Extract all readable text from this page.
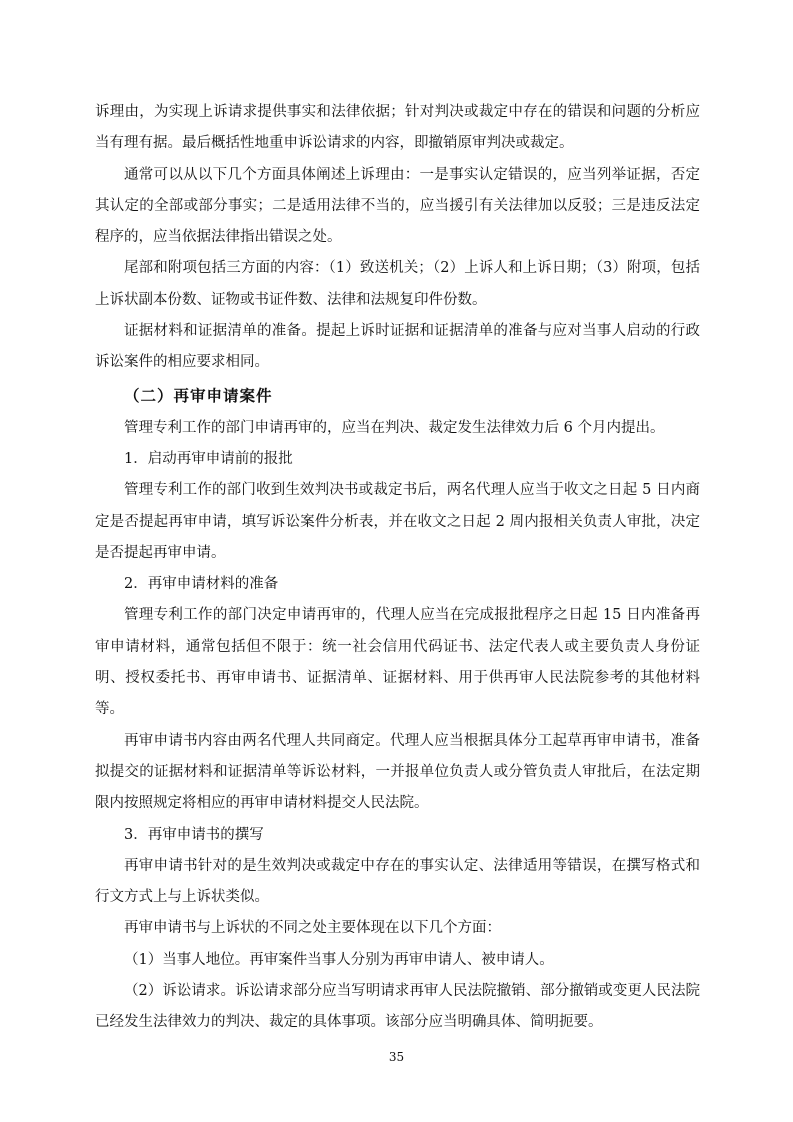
诉理由，为实现上诉请求提供事实和法律依据；针对判决或裁定中存在的错误和问题的分析应当有理有据。最后概括性地重申诉讼请求的内容，即撤销原审判决或裁定。

通常可以从以下几个方面具体阐述上诉理由：一是事实认定错误的，应当列举证据，否定其认定的全部或部分事实；二是适用法律不当的，应当援引有关法律加以反驳；三是违反法定程序的，应当依据法律指出错误之处。

尾部和附项包括三方面的内容：（1）致送机关；（2）上诉人和上诉日期；（3）附项，包括上诉状副本份数、证物或书证件数、法律和法规复印件份数。

证据材料和证据清单的准备。提起上诉时证据和证据清单的准备与应对当事人启动的行政诉讼案件的相应要求相同。

（二）再审申请案件

管理专利工作的部门申请再审的，应当在判决、裁定发生法律效力后 6 个月内提出。

1．启动再审申请前的报批

管理专利工作的部门收到生效判决书或裁定书后，两名代理人应当于收文之日起 5 日内商定是否提起再审申请，填写诉讼案件分析表，并在收文之日起 2 周内报相关负责人审批，决定是否提起再审申请。

2．再审申请材料的准备

管理专利工作的部门决定申请再审的，代理人应当在完成报批程序之日起 15 日内准备再审申请材料，通常包括但不限于：统一社会信用代码证书、法定代表人或主要负责人身份证明、授权委托书、再审申请书、证据清单、证据材料、用于供再审人民法院参考的其他材料等。

再审申请书内容由两名代理人共同商定。代理人应当根据具体分工起草再审申请书，准备拟提交的证据材料和证据清单等诉讼材料，一并报单位负责人或分管负责人审批后，在法定期限内按照规定将相应的再审申请材料提交人民法院。

3．再审申请书的撰写

再审申请书针对的是生效判决或裁定中存在的事实认定、法律适用等错误，在撰写格式和行文方式上与上诉状类似。

再审申请书与上诉状的不同之处主要体现在以下几个方面：

（1）当事人地位。再审案件当事人分别为再审申请人、被申请人。

（2）诉讼请求。诉讼请求部分应当写明请求再审人民法院撤销、部分撤销或变更人民法院已经发生法律效力的判决、裁定的具体事项。该部分应当明确具体、简明扼要。

35
